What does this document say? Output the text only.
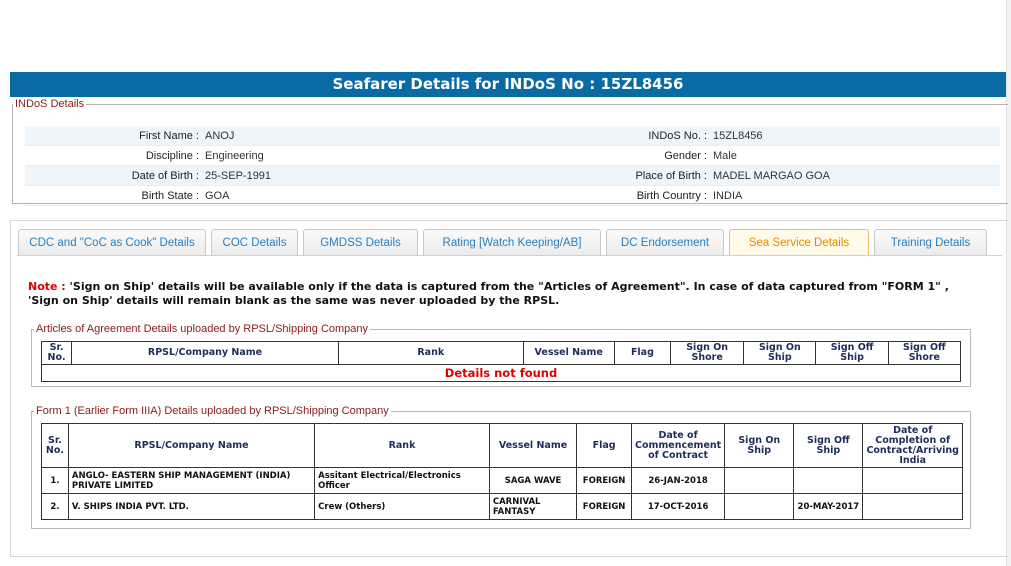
Seafarer Details for INDoS No : 15ZL8456
INDoS Details
First Name : ANOJ	INDoS No. : 15ZL8456
Discipline : Engineering	Gender : Male
Date of Birth : 25-SEP-1991	Place of Birth : MADEL MARGAO GOA
Birth State : GOA	Birth Country : INDIA
CDC and "CoC as Cook" Details	COC Details	GMDSS Details	Rating [Watch Keeping/AB]	DC Endorsement	Sea Service Details	Training Details
Note : 'Sign on Ship' details will be available only if the data is captured from the "Articles of Agreement". In case of data captured from "FORM 1" , 'Sign on Ship' details will remain blank as the same was never uploaded by the RPSL.
Articles of Agreement Details uploaded by RPSL/Shipping Company
Sr. No.	RPSL/Company Name	Rank	Vessel Name	Flag	Sign On Shore	Sign On Ship	Sign Off Ship	Sign Off Shore
Details not found
Form 1 (Earlier Form IIIA) Details uploaded by RPSL/Shipping Company
Sr. No.	RPSL/Company Name	Rank	Vessel Name	Flag	Date of Commencement of Contract	Sign On Ship	Sign Off Ship	Date of Completion of Contract/Arriving India
1.	ANGLO- EASTERN SHIP MANAGEMENT (INDIA) PRIVATE LIMITED	Assitant Electrical/Electronics Officer	SAGA WAVE	FOREIGN	26-JAN-2018			
2.	V. SHIPS INDIA PVT. LTD.	Crew (Others)	CARNIVAL FANTASY	FOREIGN	17-OCT-2016		20-MAY-2017	
